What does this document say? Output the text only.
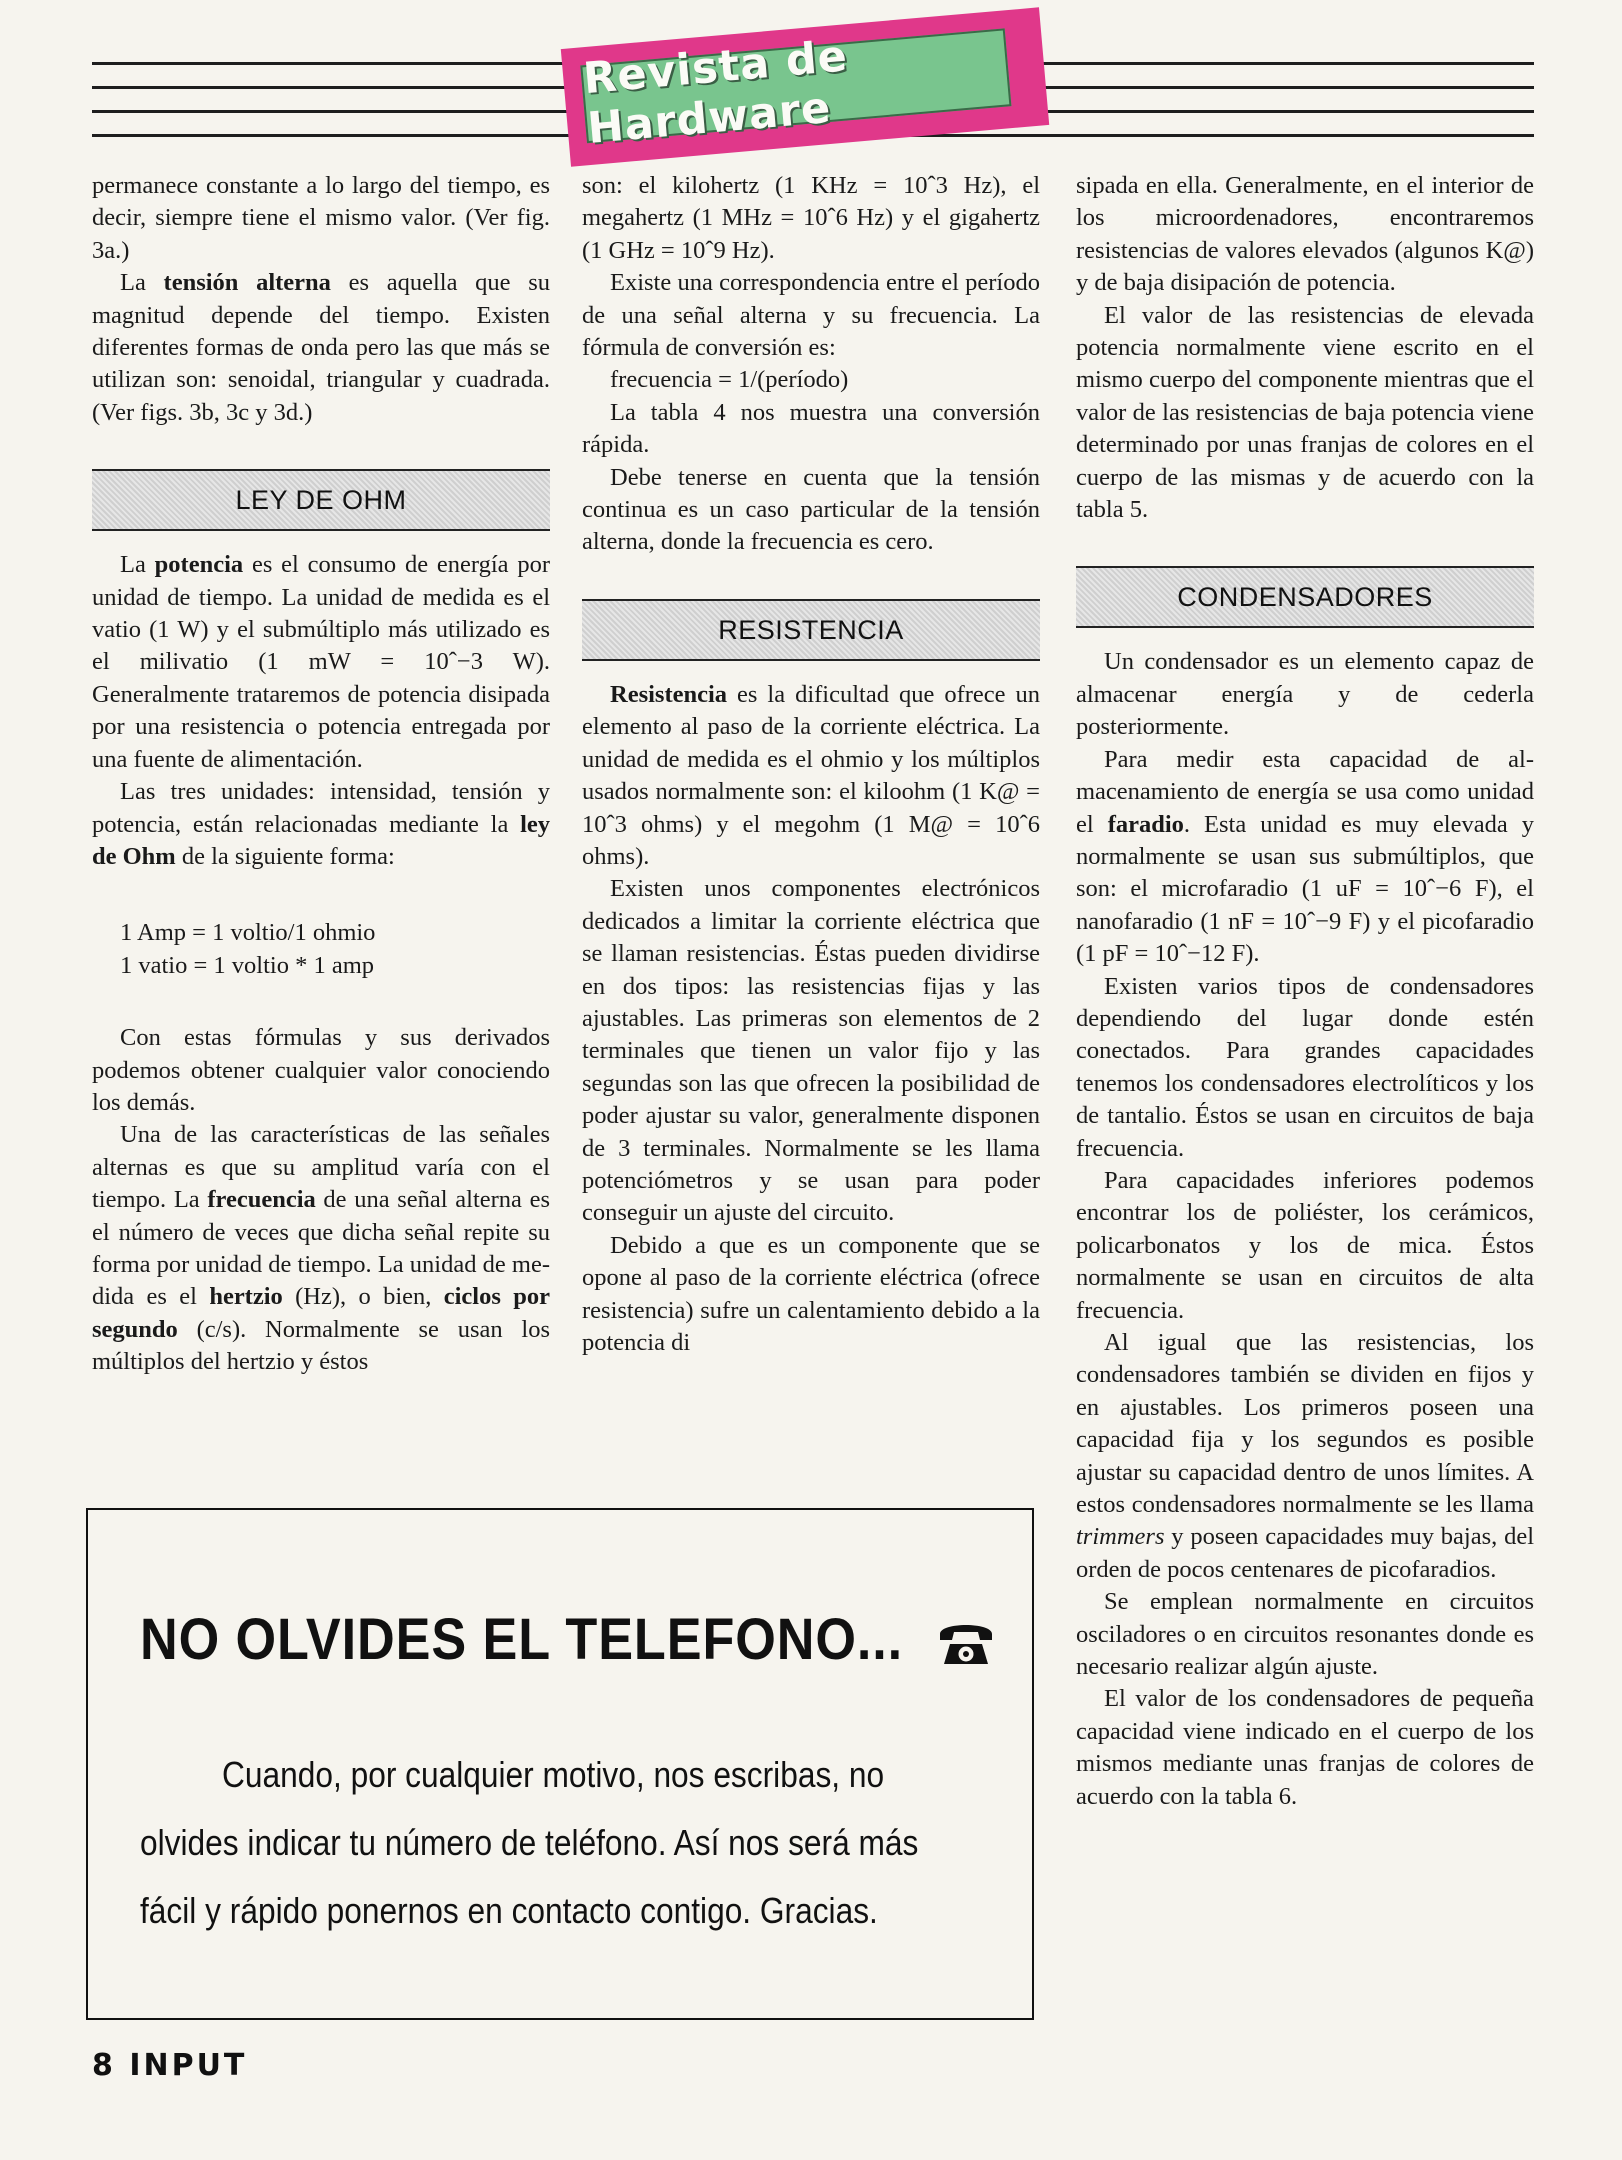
Revista de Hardware

permanece constante a lo largo del tiempo, es decir, siempre tiene el mismo valor. (Ver fig. 3a.)

La tensión alterna es aquella que su magnitud depende del tiempo. Existen diferentes formas de onda pero las que más se utilizan son: senoidal, triangular y cuadrada. (Ver figs. 3b, 3c y 3d.)

LEY DE OHM

La potencia es el consumo de energía por unidad de tiempo. La unidad de medida es el vatio (1 W) y el submúltiplo más utilizado es el milivatio (1 mW = 10ˆ−3 W). Generalmente trataremos de potencia disipada por una resistencia o potencia entregada por una fuente de alimentación.

Las tres unidades: intensidad, tensión y potencia, están relacionadas mediante la ley de Ohm de la siguiente forma:

1 Amp = 1 voltio/1 ohmio
1 vatio = 1 voltio * 1 amp

Con estas fórmulas y sus derivados podemos obtener cualquier valor conociendo los demás.

Una de las características de las señales alternas es que su amplitud varía con el tiempo. La frecuencia de una señal alterna es el número de veces que dicha señal repite su forma por unidad de tiempo. La unidad de medida es el hertzio (Hz), o bien, ciclos por segundo (c/s). Normalmente se usan los múltiplos del hertzio y éstos

son: el kilohertz (1 KHz = 10ˆ3 Hz), el megahertz (1 MHz = 10ˆ6 Hz) y el gigahertz (1 GHz = 10ˆ9 Hz).

Existe una correspondencia entre el período de una señal alterna y su frecuencia. La fórmula de conversión es:

frecuencia = 1/(período)

La tabla 4 nos muestra una conversión rápida.

Debe tenerse en cuenta que la tensión continua es un caso particular de la tensión alterna, donde la frecuencia es cero.

RESISTENCIA

Resistencia es la dificultad que ofrece un elemento al paso de la corriente eléctrica. La unidad de medida es el ohmio y los múltiplos usados normalmente son: el kiloohm (1 K@ = 10ˆ3 ohms) y el megohm (1 M@ = 10ˆ6 ohms).

Existen unos componentes electrónicos dedicados a limitar la corriente eléctrica que se llaman resistencias. Éstas pueden dividirse en dos tipos: las resistencias fijas y las ajustables. Las primeras son elementos de 2 terminales que tienen un valor fijo y las segundas son las que ofrecen la posibilidad de poder ajustar su valor, generalmente disponen de 3 terminales. Normalmente se les llama potenciómetros y se usan para poder conseguir un ajuste del circuito.

Debido a que es un componente que se opone al paso de la corriente eléctrica (ofrece resistencia) sufre un calentamiento debido a la potencia di

sipada en ella. Generalmente, en el interior de los microordenadores, encontraremos resistencias de valores elevados (algunos K@) y de baja disipación de potencia.

El valor de las resistencias de elevada potencia normalmente viene escrito en el mismo cuerpo del componente mientras que el valor de las resistencias de baja potencia viene determinado por unas franjas de colores en el cuerpo de las mismas y de acuerdo con la tabla 5.

CONDENSADORES

Un condensador es un elemento capaz de almacenar energía y de cederla posteriormente.

Para medir esta capacidad de almacenamiento de energía se usa como unidad el faradio. Esta unidad es muy elevada y normalmente se usan sus submúltiplos, que son: el microfaradio (1 uF = 10ˆ−6 F), el nanofaradio (1 nF = 10ˆ−9 F) y el picofaradio (1 pF = 10ˆ−12 F).

Existen varios tipos de condensadores dependiendo del lugar donde estén conectados. Para grandes capacidades tenemos los condensadores electrolíticos y los de tantalio. Éstos se usan en circuitos de baja frecuencia.

Para capacidades inferiores podemos encontrar los de poliéster, los cerámicos, policarbonatos y los de mica. Éstos normalmente se usan en circuitos de alta frecuencia.

Al igual que las resistencias, los condensadores también se dividen en fijos y en ajustables. Los primeros poseen una capacidad fija y los segundos es posible ajustar su capacidad dentro de unos límites. A estos condensadores normalmente se les llama trimmers y poseen capacidades muy bajas, del orden de pocos centenares de picofaradios.

Se emplean normalmente en circuitos osciladores o en circuitos resonantes donde es necesario realizar algún ajuste.

El valor de los condensadores de pequeña capacidad viene indicado en el cuerpo de los mismos mediante unas franjas de colores de acuerdo con la tabla 6.

NO OLVIDES EL TELEFONO...
Cuando, por cualquier motivo, nos escribas, no
olvides indicar tu número de teléfono. Así nos será más
fácil y rápido ponernos en contacto contigo. Gracias.
8 INPUT
